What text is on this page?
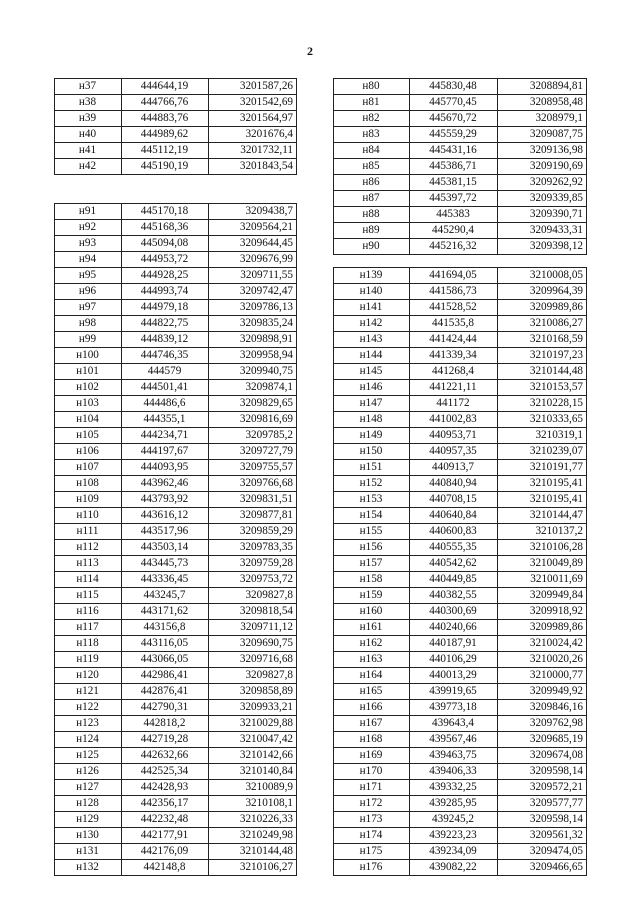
2
н37	444644,19	3201587,26
н38	444766,76	3201542,69
н39	444883,76	3201564,97
н40	444989,62	3201676,4
н41	445112,19	3201732,11
н42	445190,19	3201843,54
н91	445170,18	3209438,7
н92	445168,36	3209564,21
н93	445094,08	3209644,45
н94	444953,72	3209676,99
н95	444928,25	3209711,55
н96	444993,74	3209742,47
н97	444979,18	3209786,13
н98	444822,75	3209835,24
н99	444839,12	3209898,91
н100	444746,35	3209958,94
н101	444579	3209940,75
н102	444501,41	3209874,1
н103	444486,6	3209829,65
н104	444355,1	3209816,69
н105	444234,71	3209785,2
н106	444197,67	3209727,79
н107	444093,95	3209755,57
н108	443962,46	3209766,68
н109	443793,92	3209831,51
н110	443616,12	3209877,81
н111	443517,96	3209859,29
н112	443503,14	3209783,35
н113	443445,73	3209759,28
н114	443336,45	3209753,72
н115	443245,7	3209827,8
н116	443171,62	3209818,54
н117	443156,8	3209711,12
н118	443116,05	3209690,75
н119	443066,05	3209716,68
н120	442986,41	3209827,8
н121	442876,41	3209858,89
н122	442790,31	3209933,21
н123	442818,2	3210029,88
н124	442719,28	3210047,42
н125	442632,66	3210142,66
н126	442525,34	3210140,84
н127	442428,93	3210089,9
н128	442356,17	3210108,1
н129	442232,48	3210226,33
н130	442177,91	3210249,98
н131	442176,09	3210144,48
н132	442148,8	3210106,27
н80	445830,48	3208894,81
н81	445770,45	3208958,48
н82	445670,72	3208979,1
н83	445559,29	3209087,75
н84	445431,16	3209136,98
н85	445386,71	3209190,69
н86	445381,15	3209262,92
н87	445397,72	3209339,85
н88	445383	3209390,71
н89	445290,4	3209433,31
н90	445216,32	3209398,12
н139	441694,05	3210008,05
н140	441586,73	3209964,39
н141	441528,52	3209989,86
н142	441535,8	3210086,27
н143	441424,44	3210168,59
н144	441339,34	3210197,23
н145	441268,4	3210144,48
н146	441221,11	3210153,57
н147	441172	3210228,15
н148	441002,83	3210333,65
н149	440953,71	3210319,1
н150	440957,35	3210239,07
н151	440913,7	3210191,77
н152	440840,94	3210195,41
н153	440708,15	3210195,41
н154	440640,84	3210144,47
н155	440600,83	3210137,2
н156	440555,35	3210106,28
н157	440542,62	3210049,89
н158	440449,85	3210011,69
н159	440382,55	3209949,84
н160	440300,69	3209918,92
н161	440240,66	3209989,86
н162	440187,91	3210024,42
н163	440106,29	3210020,26
н164	440013,29	3210000,77
н165	439919,65	3209949,92
н166	439773,18	3209846,16
н167	439643,4	3209762,98
н168	439567,46	3209685,19
н169	439463,75	3209674,08
н170	439406,33	3209598,14
н171	439332,25	3209572,21
н172	439285,95	3209577,77
н173	439245,2	3209598,14
н174	439223,23	3209561,32
н175	439234,09	3209474,05
н176	439082,22	3209466,65
